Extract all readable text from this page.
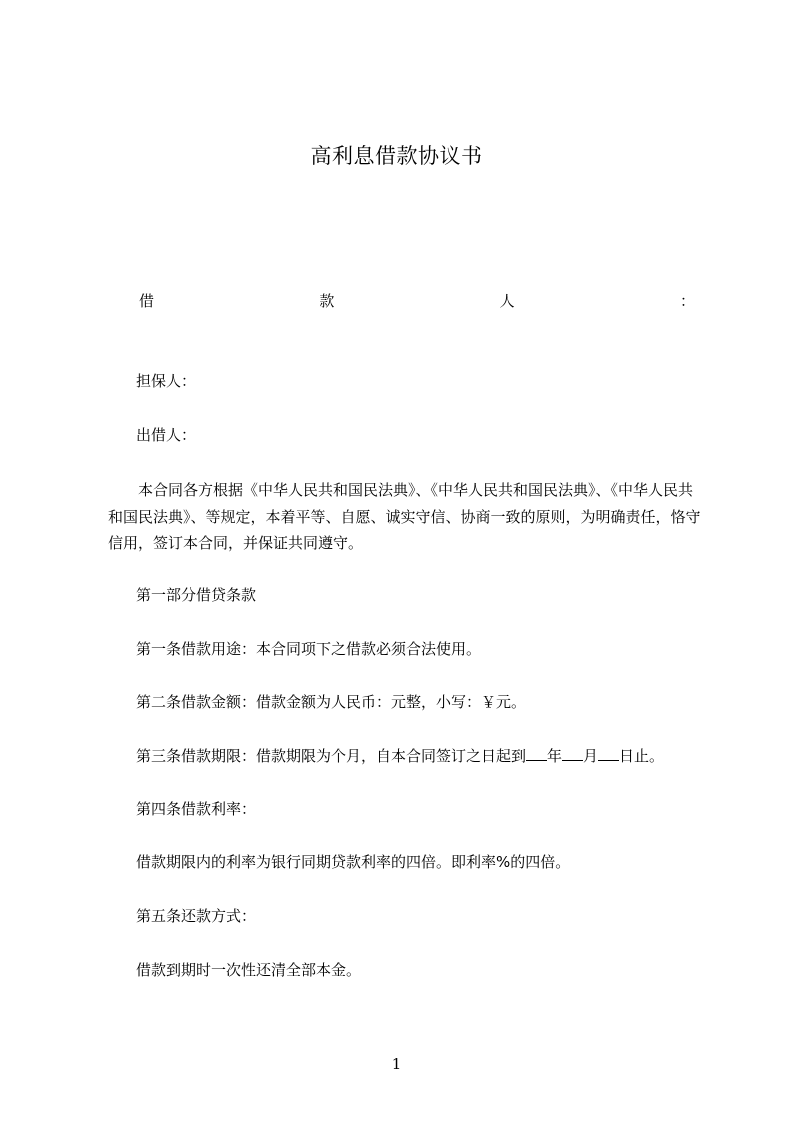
高利息借款协议书
借	款	人	：
担保人：
出借人：
本合同各方根据《中华人民共和国民法典》、《中华人民共和国民法典》、《中华人民共和国民法典》、等规定，本着平等、自愿、诚实守信、协商一致的原则，为明确责任，恪守信用，签订本合同，并保证共同遵守。
第一部分借贷条款
第一条借款用途：本合同项下之借款必须合法使用。
第二条借款金额：借款金额为人民币：元整，小写：￥元。
第三条借款期限：借款期限为个月，自本合同签订之日起到 年 月 日止。
第四条借款利率：
借款期限内的利率为银行同期贷款利率的四倍。即利率%的四倍。
第五条还款方式：
借款到期时一次性还清全部本金。
1
